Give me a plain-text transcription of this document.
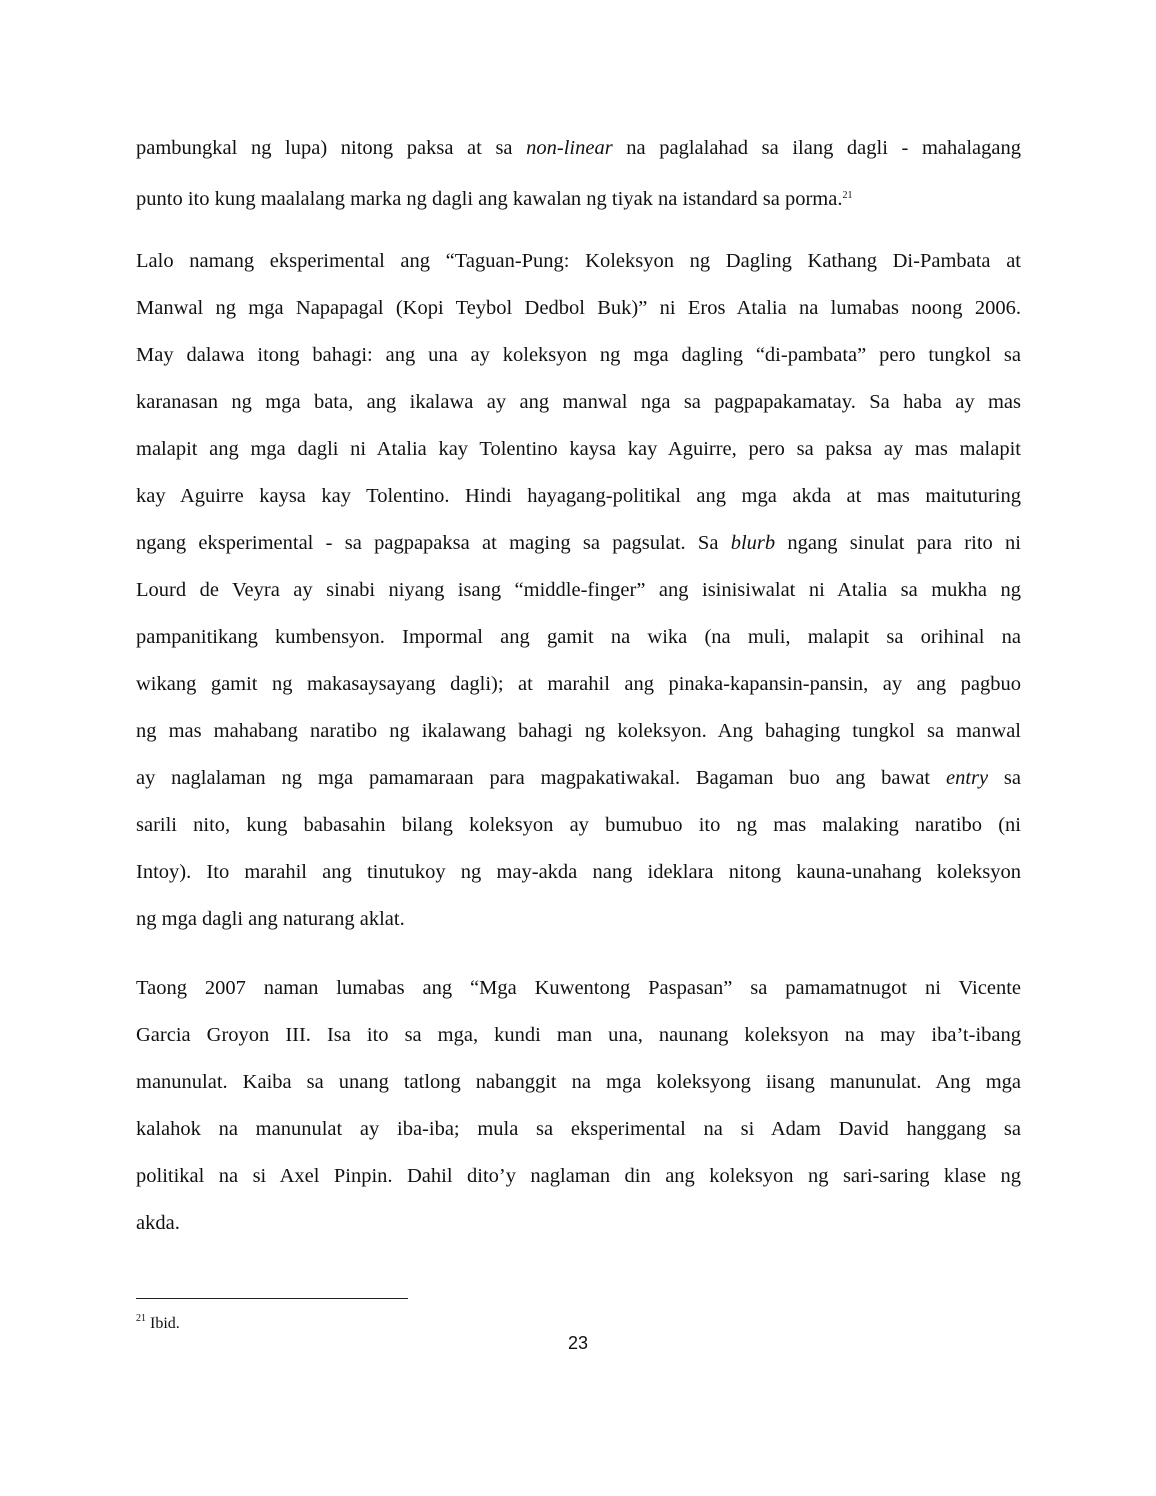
pambungkal ng lupa) nitong paksa at sa non-linear na paglalahad sa ilang dagli - mahalagang
punto ito kung maalalang marka ng dagli ang kawalan ng tiyak na istandard sa porma.$^{21}$
Lalo namang eksperimental ang “Taguan-Pung: Koleksyon ng Dagling Kathang Di-Pambata at
Manwal ng mga Napapagal (Kopi Teybol Dedbol Buk)” ni Eros Atalia na lumabas noong 2006.
May dalawa itong bahagi: ang una ay koleksyon ng mga dagling “di-pambata” pero tungkol sa
karanasan ng mga bata, ang ikalawa ay ang manwal nga sa pagpapakamatay. Sa haba ay mas
malapit ang mga dagli ni Atalia kay Tolentino kaysa kay Aguirre, pero sa paksa ay mas malapit
kay Aguirre kaysa kay Tolentino. Hindi hayagang-politikal ang mga akda at mas maituturing
ngang eksperimental - sa pagpapaksa at maging sa pagsulat. Sa blurb ngang sinulat para rito ni
Lourd de Veyra ay sinabi niyang isang “middle-finger” ang isinisiwalat ni Atalia sa mukha ng
pampanitikang kumbensyon. Impormal ang gamit na wika (na muli, malapit sa orihinal na
wikang gamit ng makasaysayang dagli); at marahil ang pinaka-kapansin-pansin, ay ang pagbuo
ng mas mahabang naratibo ng ikalawang bahagi ng koleksyon. Ang bahaging tungkol sa manwal
ay naglalaman ng mga pamamaraan para magpakatiwakal. Bagaman buo ang bawat entry sa
sarili nito, kung babasahin bilang koleksyon ay bumubuo ito ng mas malaking naratibo (ni
Intoy). Ito marahil ang tinutukoy ng may-akda nang ideklara nitong kauna-unahang koleksyon
ng mga dagli ang naturang aklat.
Taong 2007 naman lumabas ang “Mga Kuwentong Paspasan” sa pamamatnugot ni Vicente
Garcia Groyon III. Isa ito sa mga, kundi man una, naunang koleksyon na may iba’t-ibang
manunulat. Kaiba sa unang tatlong nabanggit na mga koleksyong iisang manunulat. Ang mga
kalahok na manunulat ay iba-iba; mula sa eksperimental na si Adam David hanggang sa
politikal na si Axel Pinpin. Dahil dito’y naglaman din ang koleksyon ng sari-saring klase ng
akda.
$^{21}$ Ibid.
23
